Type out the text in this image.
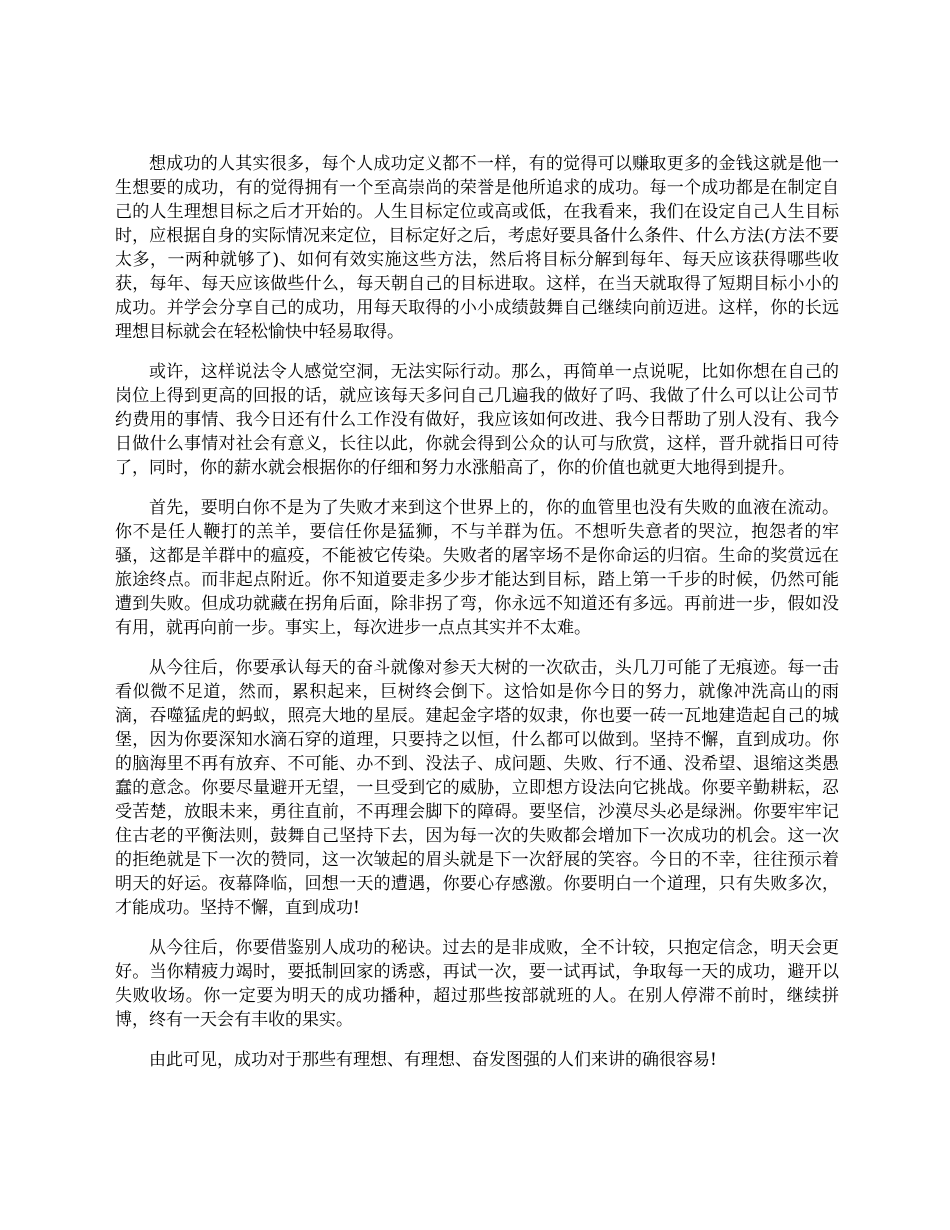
想成功的人其实很多，每个人成功定义都不一样，有的觉得可以赚取更多的金钱这就是他一生想要的成功，有的觉得拥有一个至高崇尚的荣誉是他所追求的成功。每一个成功都是在制定自己的人生理想目标之后才开始的。人生目标定位或高或低，在我看来，我们在设定自己人生目标时，应根据自身的实际情况来定位，目标定好之后，考虑好要具备什么条件、什么方法(方法不要太多，一两种就够了)、如何有效实施这些方法，然后将目标分解到每年、每天应该获得哪些收获，每年、每天应该做些什么，每天朝自己的目标进取。这样，在当天就取得了短期目标小小的成功。并学会分享自己的成功，用每天取得的小小成绩鼓舞自己继续向前迈进。这样，你的长远理想目标就会在轻松愉快中轻易取得。

或许，这样说法令人感觉空洞，无法实际行动。那么，再简单一点说呢，比如你想在自己的岗位上得到更高的回报的话，就应该每天多问自己几遍我的做好了吗、我做了什么可以让公司节约费用的事情、我今日还有什么工作没有做好，我应该如何改进、我今日帮助了别人没有、我今日做什么事情对社会有意义，长往以此，你就会得到公众的认可与欣赏，这样，晋升就指日可待了，同时，你的薪水就会根据你的仔细和努力水涨船高了，你的价值也就更大地得到提升。

首先，要明白你不是为了失败才来到这个世界上的，你的血管里也没有失败的血液在流动。你不是任人鞭打的羔羊，要信任你是猛狮，不与羊群为伍。不想听失意者的哭泣，抱怨者的牢骚，这都是羊群中的瘟疫，不能被它传染。失败者的屠宰场不是你命运的归宿。生命的奖赏远在旅途终点。而非起点附近。你不知道要走多少步才能达到目标，踏上第一千步的时候，仍然可能遭到失败。但成功就藏在拐角后面，除非拐了弯，你永远不知道还有多远。再前进一步，假如没有用，就再向前一步。事实上，每次进步一点点其实并不太难。

从今往后，你要承认每天的奋斗就像对参天大树的一次砍击，头几刀可能了无痕迹。每一击看似微不足道，然而，累积起来，巨树终会倒下。这恰如是你今日的努力，就像冲洗高山的雨滴，吞噬猛虎的蚂蚁，照亮大地的星辰。建起金字塔的奴隶，你也要一砖一瓦地建造起自己的城堡，因为你要深知水滴石穿的道理，只要持之以恒，什么都可以做到。坚持不懈，直到成功。你的脑海里不再有放弃、不可能、办不到、没法子、成问题、失败、行不通、没希望、退缩这类愚蠢的意念。你要尽量避开无望，一旦受到它的威胁，立即想方设法向它挑战。你要辛勤耕耘，忍受苦楚，放眼未来，勇往直前，不再理会脚下的障碍。要坚信，沙漠尽头必是绿洲。你要牢牢记住古老的平衡法则，鼓舞自己坚持下去，因为每一次的失败都会增加下一次成功的机会。这一次的拒绝就是下一次的赞同，这一次皱起的眉头就是下一次舒展的笑容。今日的不幸，往往预示着明天的好运。夜幕降临，回想一天的遭遇，你要心存感激。你要明白一个道理，只有失败多次，才能成功。坚持不懈，直到成功!

从今往后，你要借鉴别人成功的秘诀。过去的是非成败，全不计较，只抱定信念，明天会更好。当你精疲力竭时，要抵制回家的诱惑，再试一次，要一试再试，争取每一天的成功，避开以失败收场。你一定要为明天的成功播种，超过那些按部就班的人。在别人停滞不前时，继续拼博，终有一天会有丰收的果实。

由此可见，成功对于那些有理想、有理想、奋发图强的人们来讲的确很容易!
